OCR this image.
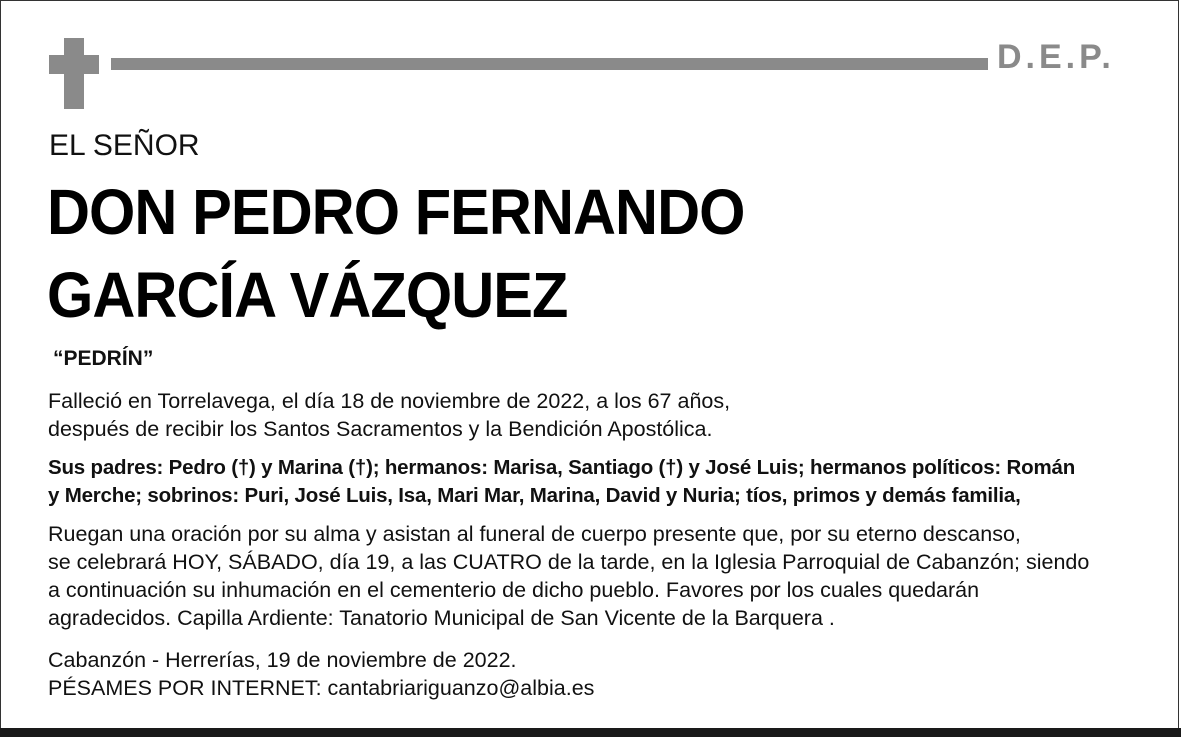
D.E.P.
EL SEÑOR
DON PEDRO FERNANDO
GARCÍA VÁZQUEZ
“PEDRÍN”
Falleció en Torrelavega, el día 18 de noviembre de 2022, a los 67 años,
después de recibir los Santos Sacramentos y la Bendición Apostólica.
Sus padres: Pedro (†) y Marina (†); hermanos: Marisa, Santiago (†) y José Luis; hermanos políticos: Román
y Merche; sobrinos: Puri, José Luis, Isa, Mari Mar, Marina, David y Nuria; tíos, primos y demás familia,
Ruegan una oración por su alma y asistan al funeral de cuerpo presente que, por su eterno descanso,
se celebrará HOY, SÁBADO, día 19, a las CUATRO de la tarde, en la Iglesia Parroquial de Cabanzón; siendo
a continuación su inhumación en el cementerio de dicho pueblo. Favores por los cuales quedarán
agradecidos. Capilla Ardiente: Tanatorio Municipal de San Vicente de la Barquera .
Cabanzón - Herrerías, 19 de noviembre de 2022.
PÉSAMES POR INTERNET: cantabriariguanzo@albia.es
